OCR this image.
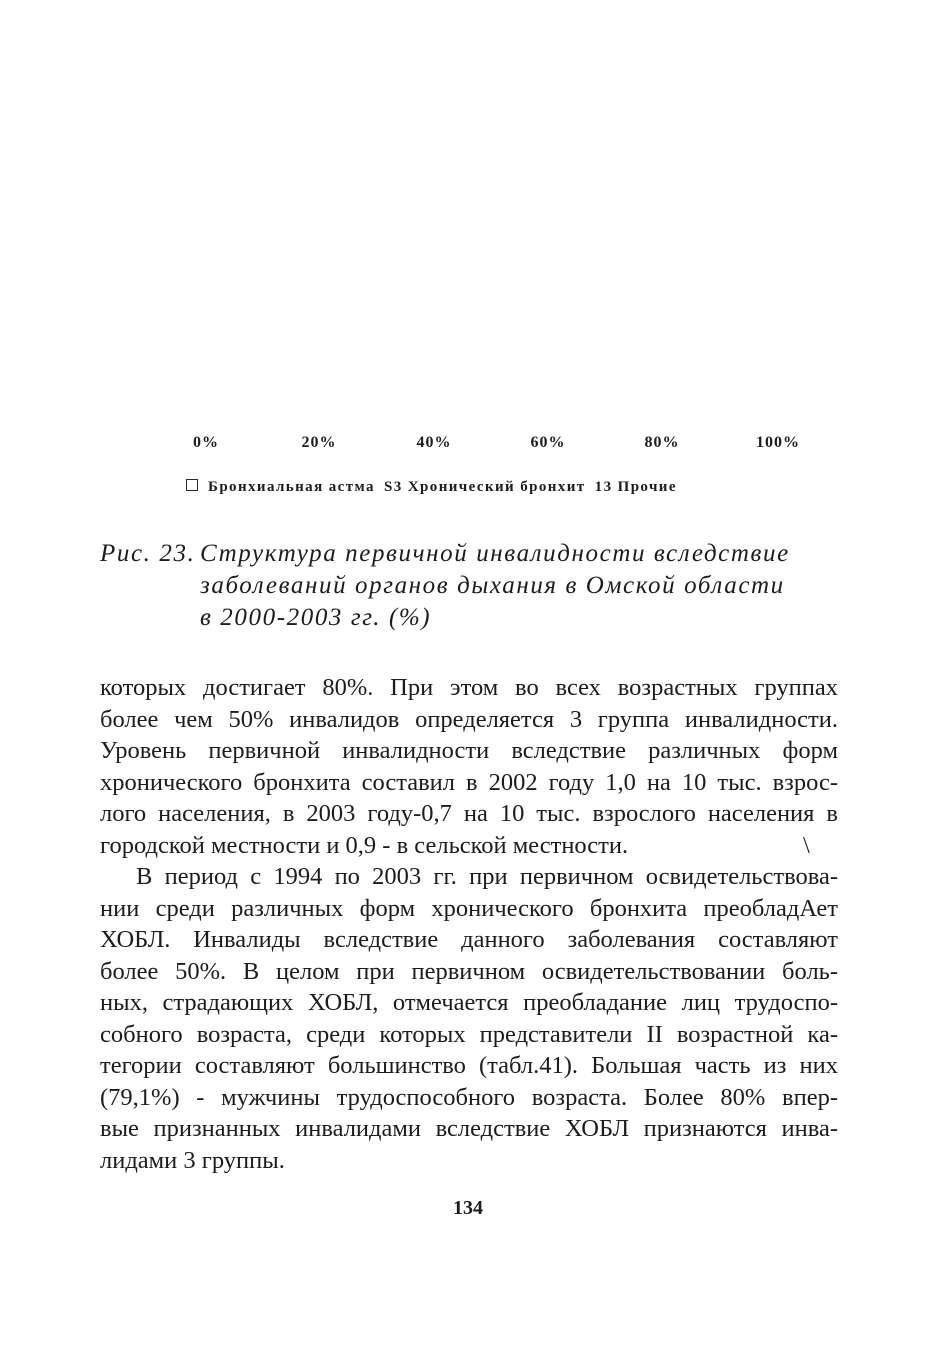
0%	20%	40%	60%	80%	100%
Бронхиальная астма S3 Хронический бронхит 13 Прочие
Рис. 23. Структура первичной инвалидности вследствие
заболеваний органов дыхания в Омской области
в 2000-2003 гг. (%)
которых достигает 80%. При этом во всех возрастных группах
более чем 50% инвалидов определяется 3 группа инвалидности.
Уровень первичной инвалидности вследствие различных форм
хронического бронхита составил в 2002 году 1,0 на 10 тыс. взрос-
лого населения, в 2003 году-0,7 на 10 тыс. взрослого населения в
городской местности и 0,9 - в сельской местности.	\
В период с 1994 по 2003 гг. при первичном освидетельствова-
нии среди различных форм хронического бронхита преобладАет
ХОБЛ. Инвалиды вследствие данного заболевания составляют
более 50%. В целом при первичном освидетельствовании боль-
ных, страдающих ХОБЛ, отмечается преобладание лиц трудоспо-
собного возраста, среди которых представители II возрастной ка-
тегории составляют большинство (табл.41). Большая часть из них
(79,1%) - мужчины трудоспособного возраста. Более 80% впер-
вые признанных инвалидами вследствие ХОБЛ признаются инва-
лидами 3 группы.
134
